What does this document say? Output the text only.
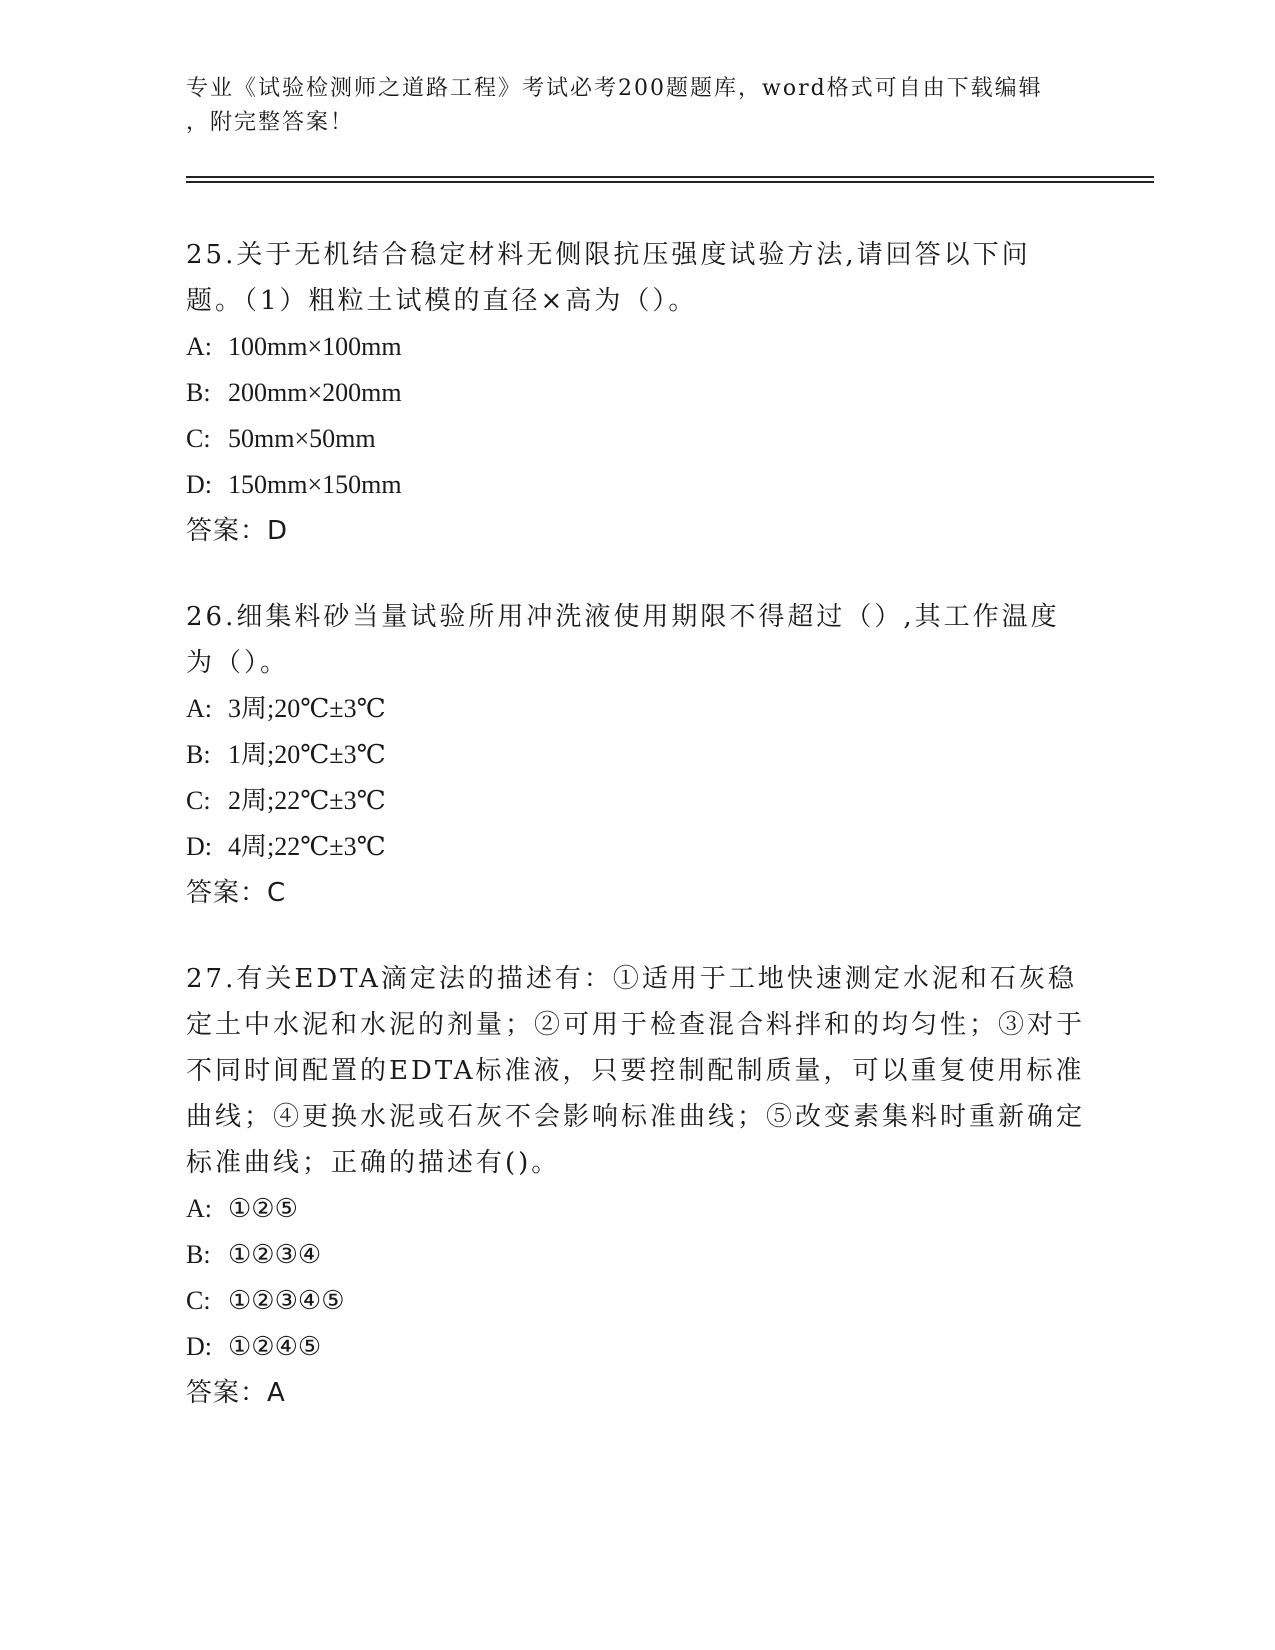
专业《试验检测师之道路工程》考试必考200题题库，word格式可自由下载编辑
，附完整答案！

25.关于无机结合稳定材料无侧限抗压强度试验方法,请回答以下问题。（1）粗粒土试模的直径×高为（）。

A: 100mm×100mm

B: 200mm×200mm

C: 50mm×50mm

D: 150mm×150mm

答案：D

26.细集料砂当量试验所用冲洗液使用期限不得超过（）,其工作温度为（）。

A: 3周;20℃±3℃

B: 1周;20℃±3℃

C: 2周;22℃±3℃

D: 4周;22℃±3℃

答案：C

27.有关EDTA滴定法的描述有：①适用于工地快速测定水泥和石灰稳定土中水泥和水泥的剂量；②可用于检查混合料拌和的均匀性；③对于不同时间配置的EDTA标准液，只要控制配制质量，可以重复使用标准曲线；④更换水泥或石灰不会影响标准曲线；⑤改变素集料时重新确定标准曲线；正确的描述有()。

A: ①②⑤

B: ①②③④

C: ①②③④⑤

D: ①②④⑤

答案：A
